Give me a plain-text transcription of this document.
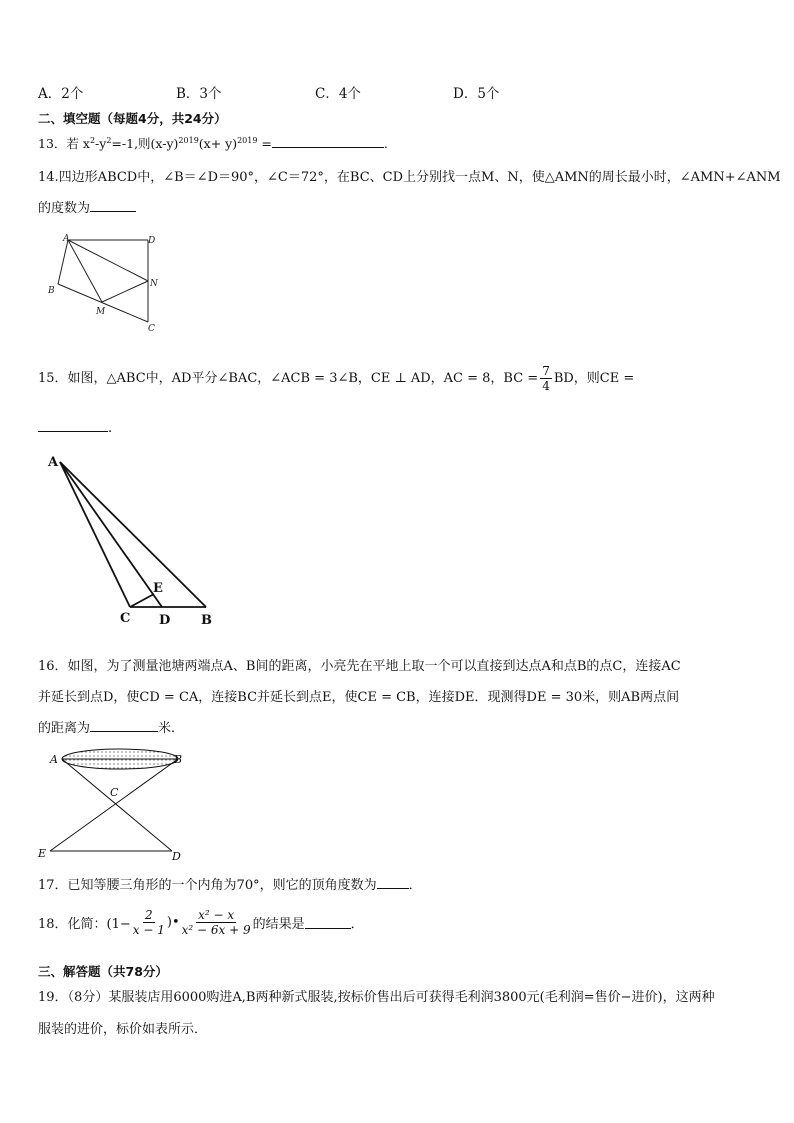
A．2个	B．3个	C．4个	D．5个
二、填空题（每题4分，共24分）
13．若 $x^2-y^2=-1$,则$(x-y)^{2019}(x+ y)^{2019}$ =	.
14.四边形ABCD中，∠B＝∠D＝90°，∠C＝72°，在BC、CD上分别找一点M、N，使△AMN的周长最小时，∠AMN+∠ANM
的度数为
A	D
B
N
M
C
15．如图，△ABC中，AD平分∠BAC，∠ACB = 3∠B，CE ⊥ AD，AC = 8，BC = $\frac{7}{4}$ BD，则CE =
．
A
E
C D B
16．如图，为了测量池塘两端点A、B间的距离，小亮先在平地上取一个可以直接到达点A和点B的点C，连接AC
并延长到点D，使CD = CA，连接BC并延长到点E，使CE = CB，连接DE．现测得DE = 30米，则AB两点间
的距离为	米．
A	B
C
E	D
17．已知等腰三角形的一个内角为70°，则它的顶角度数为 ．
18．化简：($1- \frac{2}{x - 1}$ )• $\frac{\text{x² − x}}{\text{x² − 6x + 9}}$ 的结果是	．
三、解答题（共78分）
19．（8分）某服装店用6000购进A,B两种新式服装,按标价售出后可获得毛利润3800元(毛利润=售价−进价)，这两种
服装的进价，标价如表所示．
